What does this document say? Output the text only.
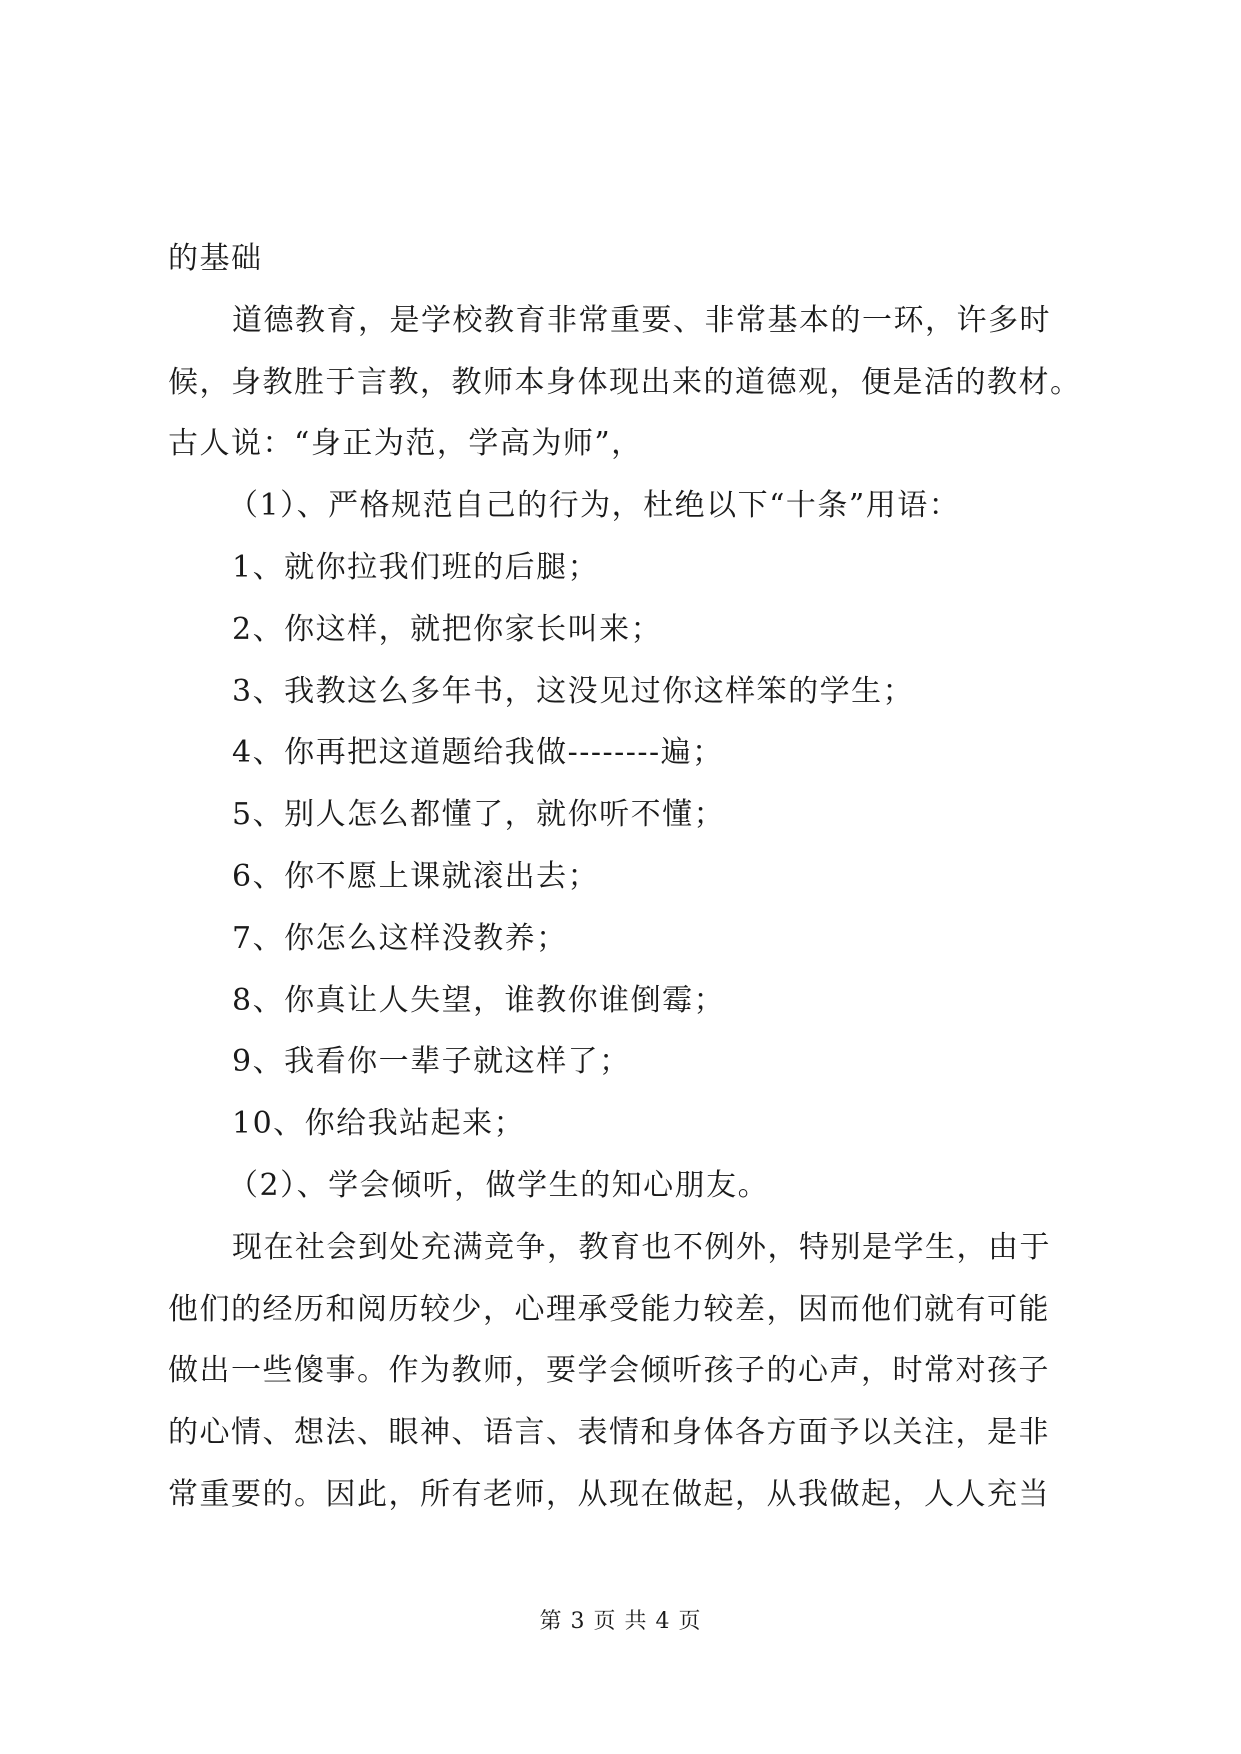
的基础
道德教育，是学校教育非常重要、非常基本的一环，许多时
候，身教胜于言教，教师本身体现出来的道德观，便是活的教材。
古人说：“身正为范，学高为师”，
（1）、严格规范自己的行为，杜绝以下“十条”用语：
1、就你拉我们班的后腿；
2、你这样，就把你家长叫来；
3、我教这么多年书，这没见过你这样笨的学生；
4、你再把这道题给我做--------遍；
5、别人怎么都懂了，就你听不懂；
6、你不愿上课就滚出去；
7、你怎么这样没教养；
8、你真让人失望，谁教你谁倒霉；
9、我看你一辈子就这样了；
10、你给我站起来；
（2）、学会倾听，做学生的知心朋友。
现在社会到处充满竞争，教育也不例外，特别是学生，由于
他们的经历和阅历较少，心理承受能力较差，因而他们就有可能
做出一些傻事。作为教师，要学会倾听孩子的心声，时常对孩子
的心情、想法、眼神、语言、表情和身体各方面予以关注，是非
常重要的。因此，所有老师，从现在做起，从我做起，人人充当
第 3 页 共 4 页
